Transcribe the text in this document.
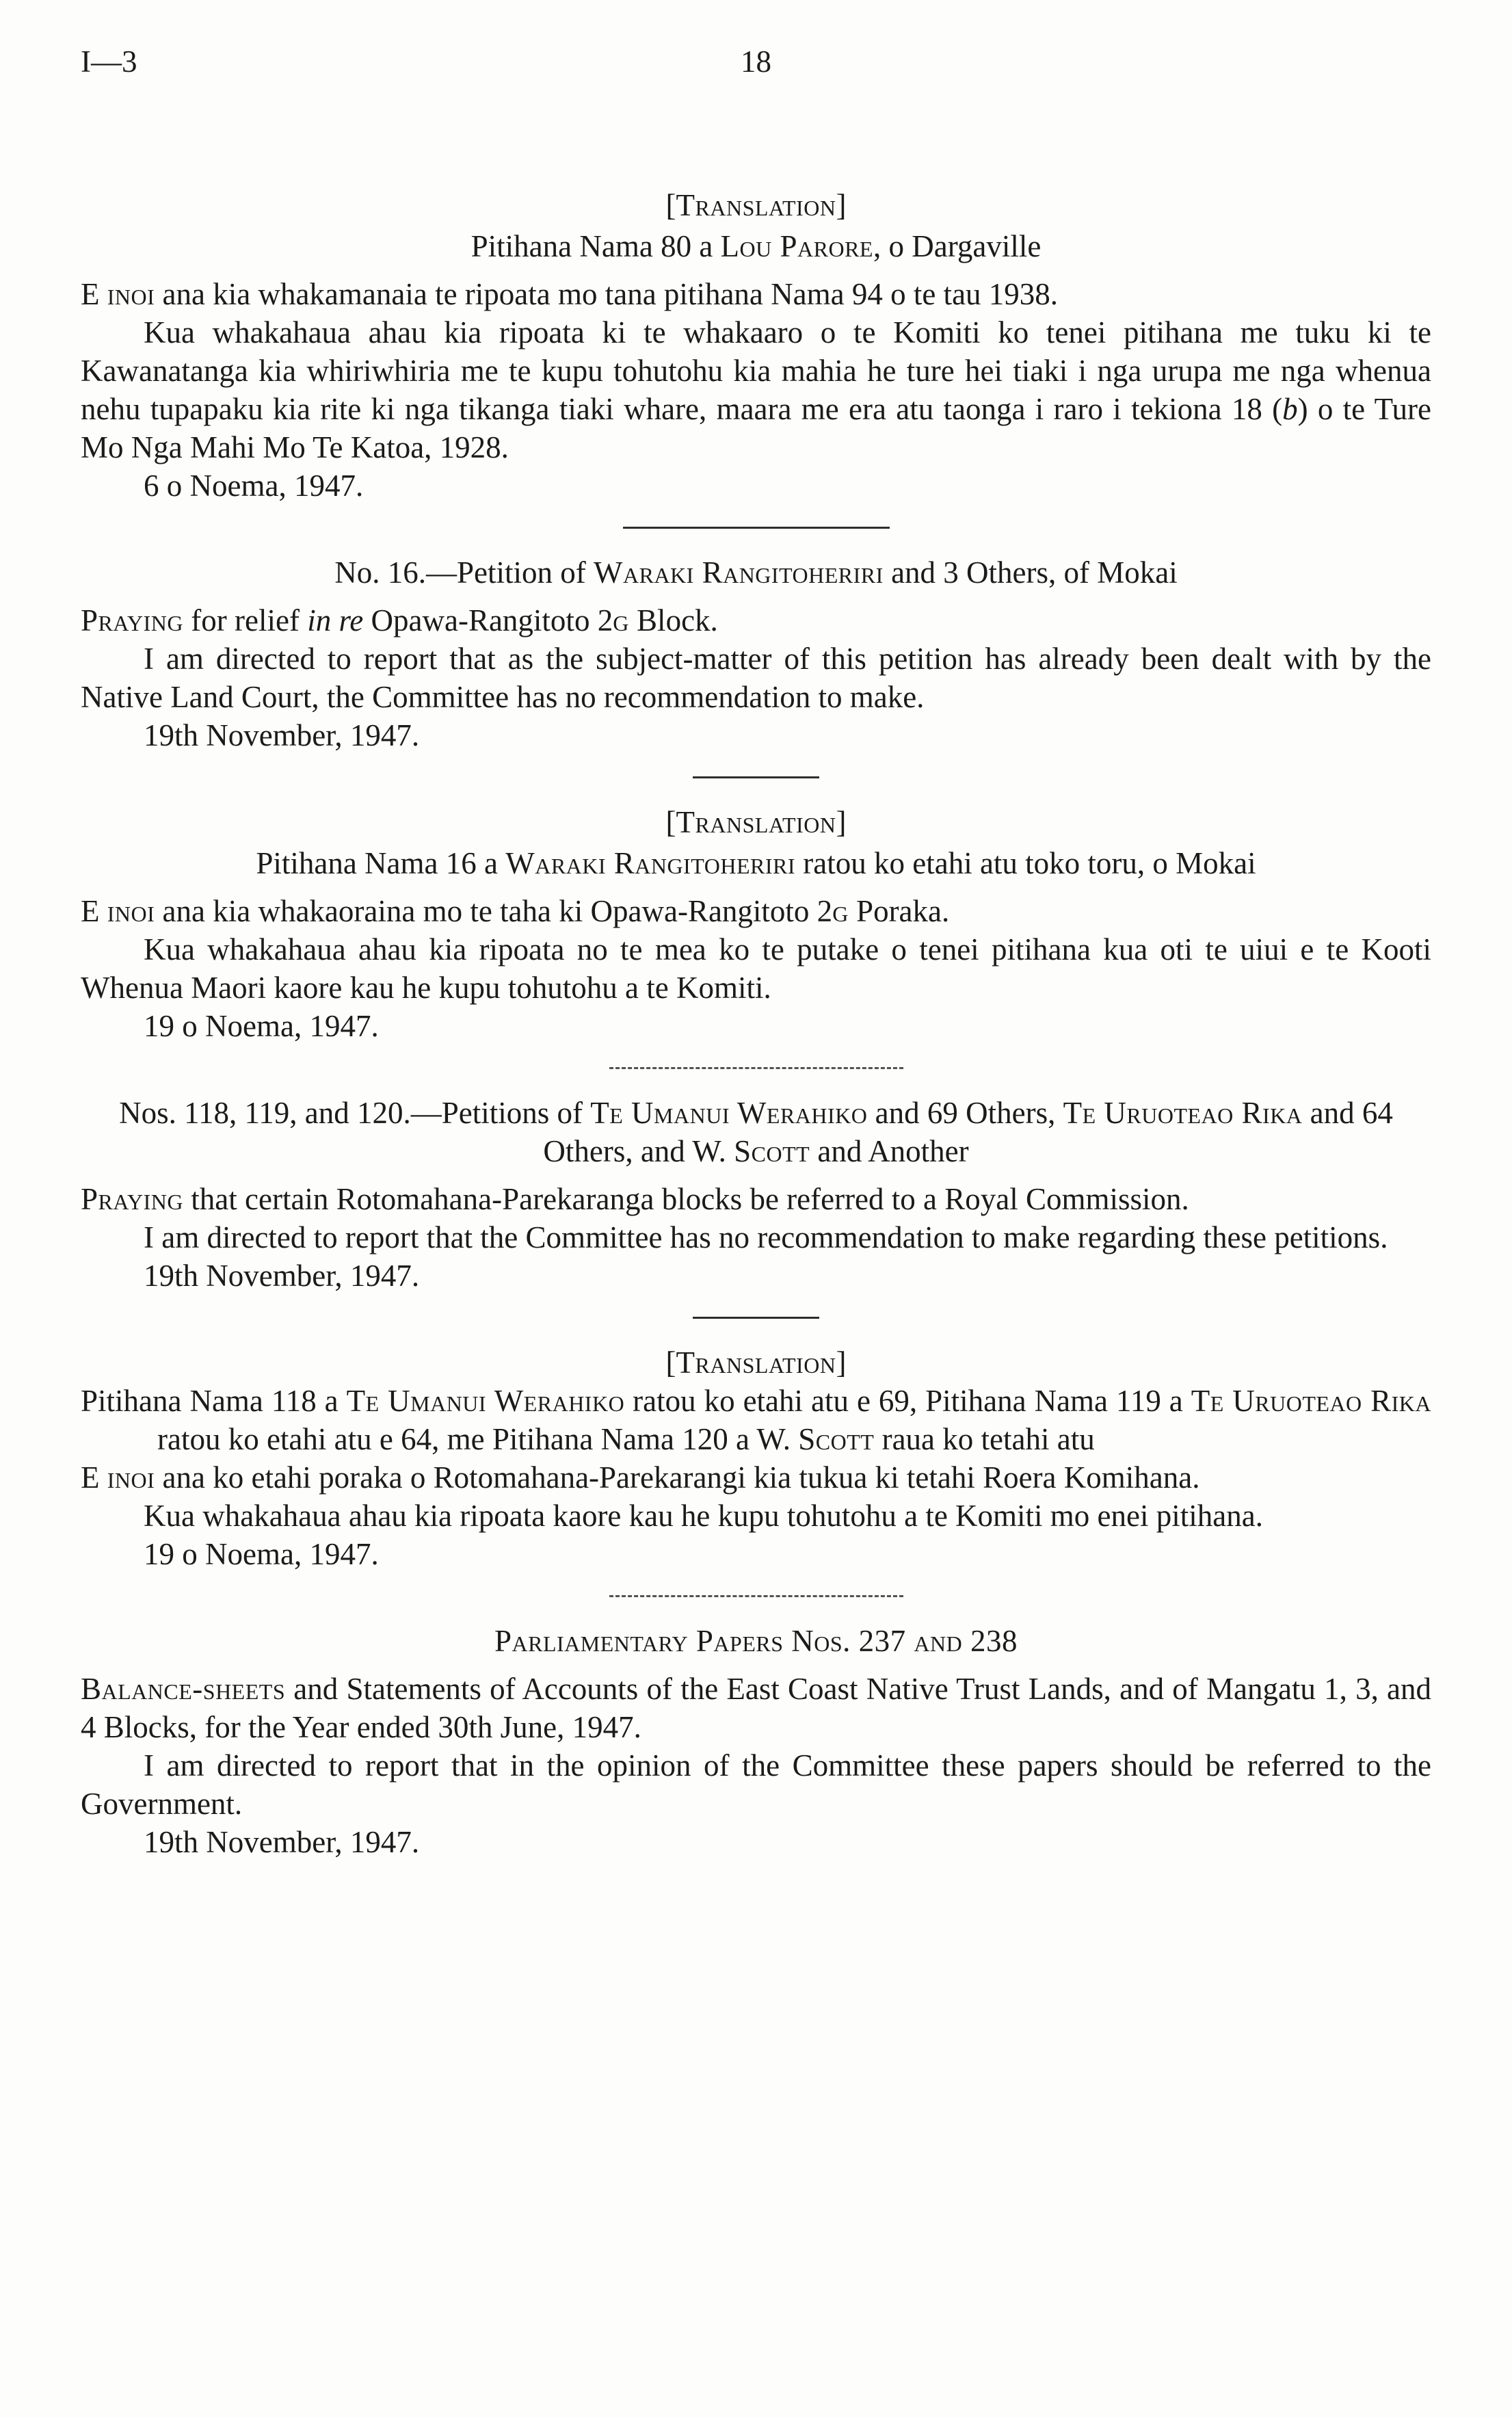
I—3	18
[Translation]
Pitihana Nama 80 a Lou Parore, o Dargaville
E inoi ana kia whakamanaia te ripoata mo tana pitihana Nama 94 o te tau 1938.
Kua whakahaua ahau kia ripoata ki te whakaaro o te Komiti ko tenei pitihana me tuku ki te Kawanatanga kia whiriwhiria me te kupu tohutohu kia mahia he ture hei tiaki i nga urupa me nga whenua nehu tupapaku kia rite ki nga tikanga tiaki whare, maara me era atu taonga i raro i tekiona 18 (b) o te Ture Mo Nga Mahi Mo Te Katoa, 1928.
6 o Noema, 1947.
No. 16.—Petition of Waraki Rangitoheriri and 3 Others, of Mokai
Praying for relief in re Opawa-Rangitoto 2g Block.
I am directed to report that as the subject-matter of this petition has already been dealt with by the Native Land Court, the Committee has no recommendation to make.
19th November, 1947.
[Translation]
Pitihana Nama 16 a Waraki Rangitoheriri ratou ko etahi atu toko toru, o Mokai
E inoi ana kia whakaoraina mo te taha ki Opawa-Rangitoto 2g Poraka.
Kua whakahaua ahau kia ripoata no te mea ko te putake o tenei pitihana kua oti te uiui e te Kooti Whenua Maori kaore kau he kupu tohutohu a te Komiti.
19 o Noema, 1947.
Nos. 118, 119, and 120.—Petitions of Te Umanui Werahiko and 69 Others, Te Uruoteao Rika and 64 Others, and W. Scott and Another
Praying that certain Rotomahana-Parekaranga blocks be referred to a Royal Commission.
I am directed to report that the Committee has no recommendation to make regarding these petitions.
19th November, 1947.
[Translation]
Pitihana Nama 118 a Te Umanui Werahiko ratou ko etahi atu e 69, Pitihana Nama 119 a Te Uruoteao Rika ratou ko etahi atu e 64, me Pitihana Nama 120 a W. Scott raua ko tetahi atu
E inoi ana ko etahi poraka o Rotomahana-Parekarangi kia tukua ki tetahi Roera Komihana.
Kua whakahaua ahau kia ripoata kaore kau he kupu tohutohu a te Komiti mo enei pitihana.
19 o Noema, 1947.
Parliamentary Papers Nos. 237 and 238
Balance-sheets and Statements of Accounts of the East Coast Native Trust Lands, and of Mangatu 1, 3, and 4 Blocks, for the Year ended 30th June, 1947.
I am directed to report that in the opinion of the Committee these papers should be referred to the Government.
19th November, 1947.
